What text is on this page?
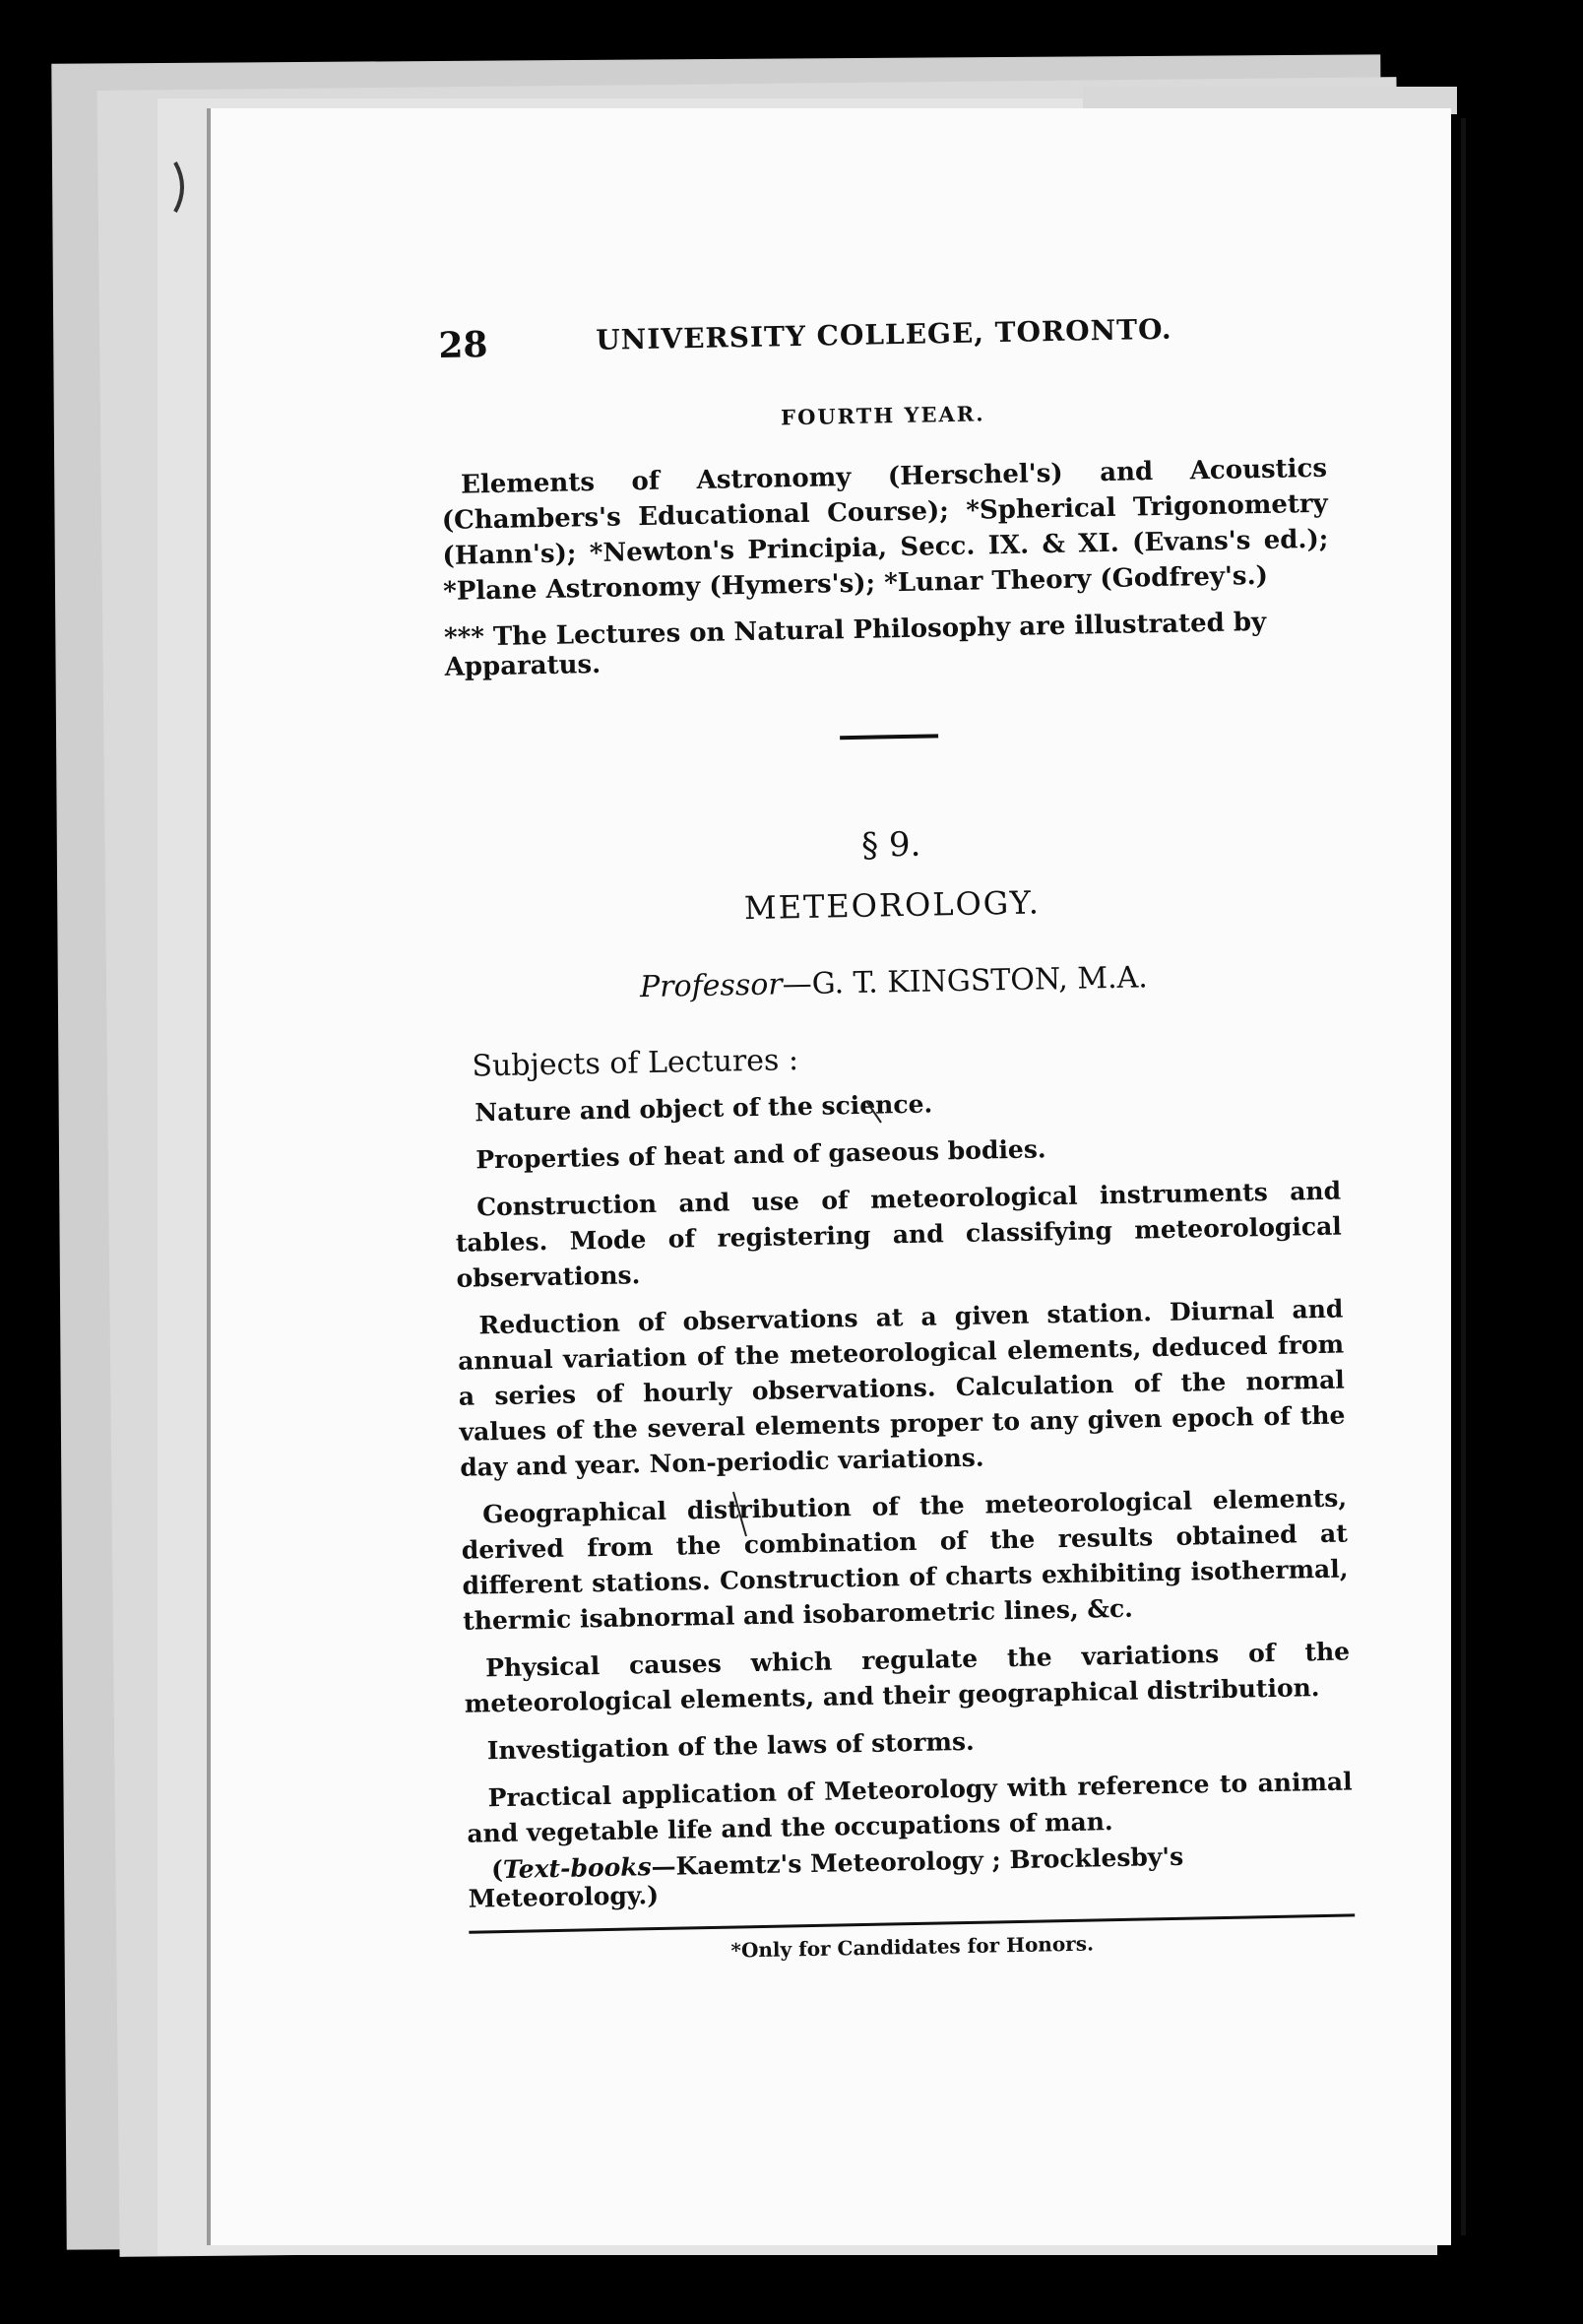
28	UNIVERSITY COLLEGE, TORONTO.
FOURTH YEAR.
Elements of Astronomy (Herschel's) and Acoustics (Chambers's Educational Course); *Spherical Trigonometry (Hann's); *Newton's Principia, Secc. IX. & XI. (Evans's ed.); *Plane Astronomy (Hymers's); *Lunar Theory (Godfrey's.)
*** The Lectures on Natural Philosophy are illustrated by Apparatus.
§ 9.
METEOROLOGY.
Professor—G. T. KINGSTON, M.A.
Subjects of Lectures :
Nature and object of the science.
Properties of heat and of gaseous bodies.
Construction and use of meteorological instruments and tables. Mode of registering and classifying meteorological observations.
Reduction of observations at a given station. Diurnal and annual variation of the meteorological elements, deduced from a series of hourly observations. Calculation of the normal values of the several elements proper to any given epoch of the day and year. Non-periodic variations.
Geographical distribution of the meteorological elements, derived from the combination of the results obtained at different stations. Construction of charts exhibiting isothermal, thermic isabnormal and isobarometric lines, &c.
Physical causes which regulate the variations of the meteorological elements, and their geographical distribution.
Investigation of the laws of storms.
Practical application of Meteorology with reference to animal and vegetable life and the occupations of man.
(Text-books—Kaemtz's Meteorology ; Brocklesby's Meteorology.)
*Only for Candidates for Honors.
